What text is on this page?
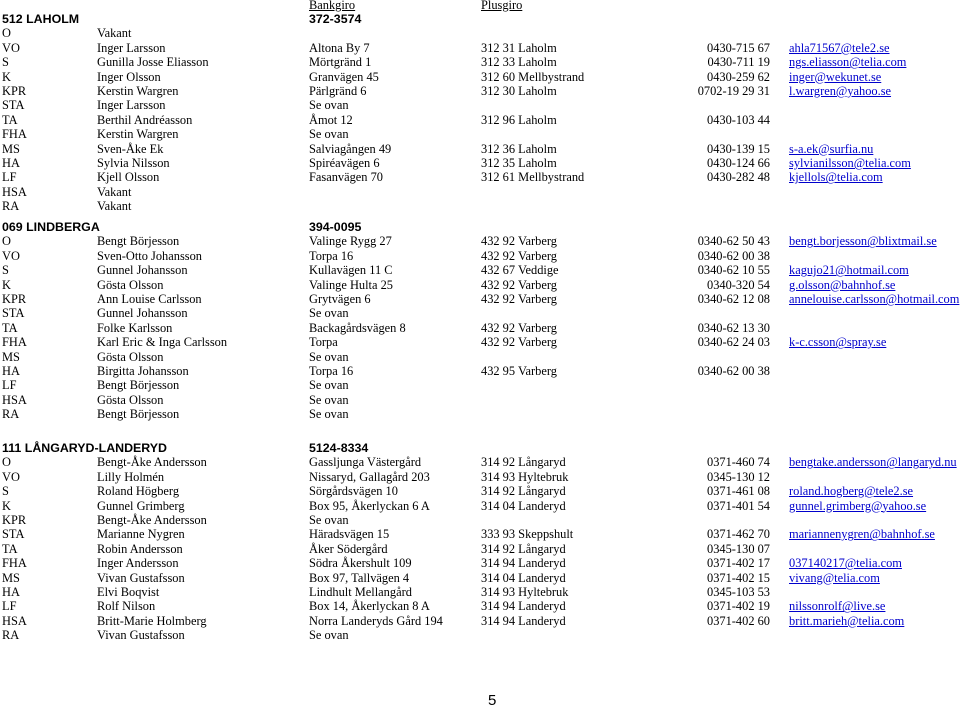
Bankgiro	Plusgiro
512 LAHOLM	372-3574
O	Vakant
VO	Inger Larsson	Altona By 7	312 31 Laholm	0430-715 67 ahla71567@tele2.se
S	Gunilla Josse Eliasson	Mörtgränd 1	312 33 Laholm	0430-711 19 ngs.eliasson@telia.com
K	Inger Olsson	Granvägen 45	312 60 Mellbystrand	0430-259 62 inger@wekunet.se
KPR	Kerstin Wargren	Pärlgränd 6	312 30 Laholm	0702-19 29 31 l.wargren@yahoo.se
STA	Inger Larsson	Se ovan
TA	Berthil Andréasson	Åmot 12	312 96 Laholm	0430-103 44
FHA	Kerstin Wargren	Se ovan
MS	Sven-Åke Ek	Salviagången 49	312 36 Laholm	0430-139 15 s-a.ek@surfia.nu
HA	Sylvia Nilsson	Spiréavägen 6	312 35 Laholm	0430-124 66 sylvianilsson@telia.com
LF	Kjell Olsson	Fasanvägen 70	312 61 Mellbystrand	0430-282 48 kjellols@telia.com
HSA	Vakant
RA	Vakant
069 LINDBERGA	394-0095
O	Bengt Börjesson	Valinge Rygg 27	432 92 Varberg	0340-62 50 43 bengt.borjesson@blixtmail.se
VO	Sven-Otto Johansson	Torpa 16	432 92 Varberg	0340-62 00 38
S	Gunnel Johansson	Kullavägen 11 C	432 67 Veddige	0340-62 10 55 kagujo21@hotmail.com
K	Gösta Olsson	Valinge Hulta 25	432 92 Varberg	0340-320 54 g.olsson@bahnhof.se
KPR	Ann Louise Carlsson	Grytvägen 6	432 92 Varberg	0340-62 12 08 annelouise.carlsson@hotmail.com
STA	Gunnel Johansson	Se ovan
TA	Folke Karlsson	Backagårdsvägen 8	432 92 Varberg	0340-62 13 30
FHA	Karl Eric & Inga Carlsson	Torpa	432 92 Varberg	0340-62 24 03 k-c.csson@spray.se
MS	Gösta Olsson	Se ovan
HA	Birgitta Johansson	Torpa 16	432 95 Varberg	0340-62 00 38
LF	Bengt Börjesson	Se ovan
HSA	Gösta Olsson	Se ovan
RA	Bengt Börjesson	Se ovan
111 LÅNGARYD-LANDERYD	5124-8334
O	Bengt-Åke Andersson	Gassljunga Västergård	314 92 Långaryd	0371-460 74 bengtake.andersson@langaryd.nu
VO	Lilly Holmén	Nissaryd, Gallagård 203	314 93 Hyltebruk	0345-130 12
S	Roland Högberg	Sörgårdsvägen 10	314 92 Långaryd	0371-461 08 roland.hogberg@tele2.se
K	Gunnel Grimberg	Box 95, Åkerlyckan 6 A	314 04 Landeryd	0371-401 54 gunnel.grimberg@yahoo.se
KPR	Bengt-Åke Andersson	Se ovan
STA	Marianne Nygren	Häradsvägen 15	333 93 Skeppshult	0371-462 70 mariannenygren@bahnhof.se
TA	Robin Andersson	Åker Södergård	314 92 Långaryd	0345-130 07
FHA	Inger Andersson	Södra Åkershult 109	314 94 Landeryd	0371-402 17 037140217@telia.com
MS	Vivan Gustafsson	Box 97, Tallvägen 4	314 04 Landeryd	0371-402 15 vivang@telia.com
HA	Elvi Boqvist	Lindhult Mellangård	314 93 Hyltebruk	0345-103 53
LF	Rolf Nilson	Box 14, Åkerlyckan 8 A	314 94 Landeryd	0371-402 19 nilssonrolf@live.se
HSA	Britt-Marie Holmberg	Norra Landeryds Gård 194	314 94 Landeryd	0371-402 60 britt.marieh@telia.com
RA	Vivan Gustafsson	Se ovan
5
